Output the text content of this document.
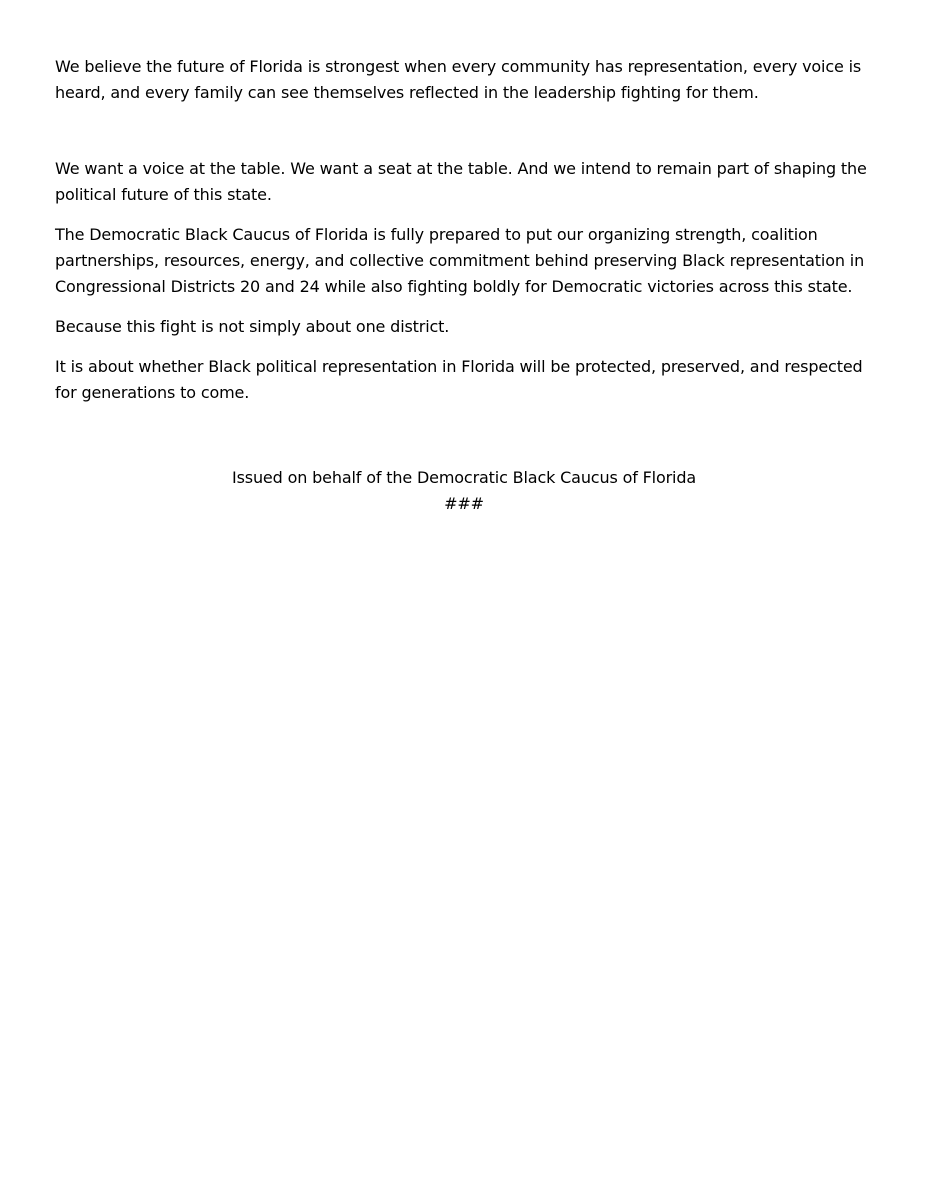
We believe the future of Florida is strongest when every community has representation, every voice is heard, and every family can see themselves reflected in the leadership fighting for them.

We want a voice at the table. We want a seat at the table. And we intend to remain part of shaping the political future of this state.

The Democratic Black Caucus of Florida is fully prepared to put our organizing strength, coalition partnerships, resources, energy, and collective commitment behind preserving Black representation in Congressional Districts 20 and 24 while also fighting boldly for Democratic victories across this state.

Because this fight is not simply about one district.

It is about whether Black political representation in Florida will be protected, preserved, and respected for generations to come.

Issued on behalf of the Democratic Black Caucus of Florida

###
